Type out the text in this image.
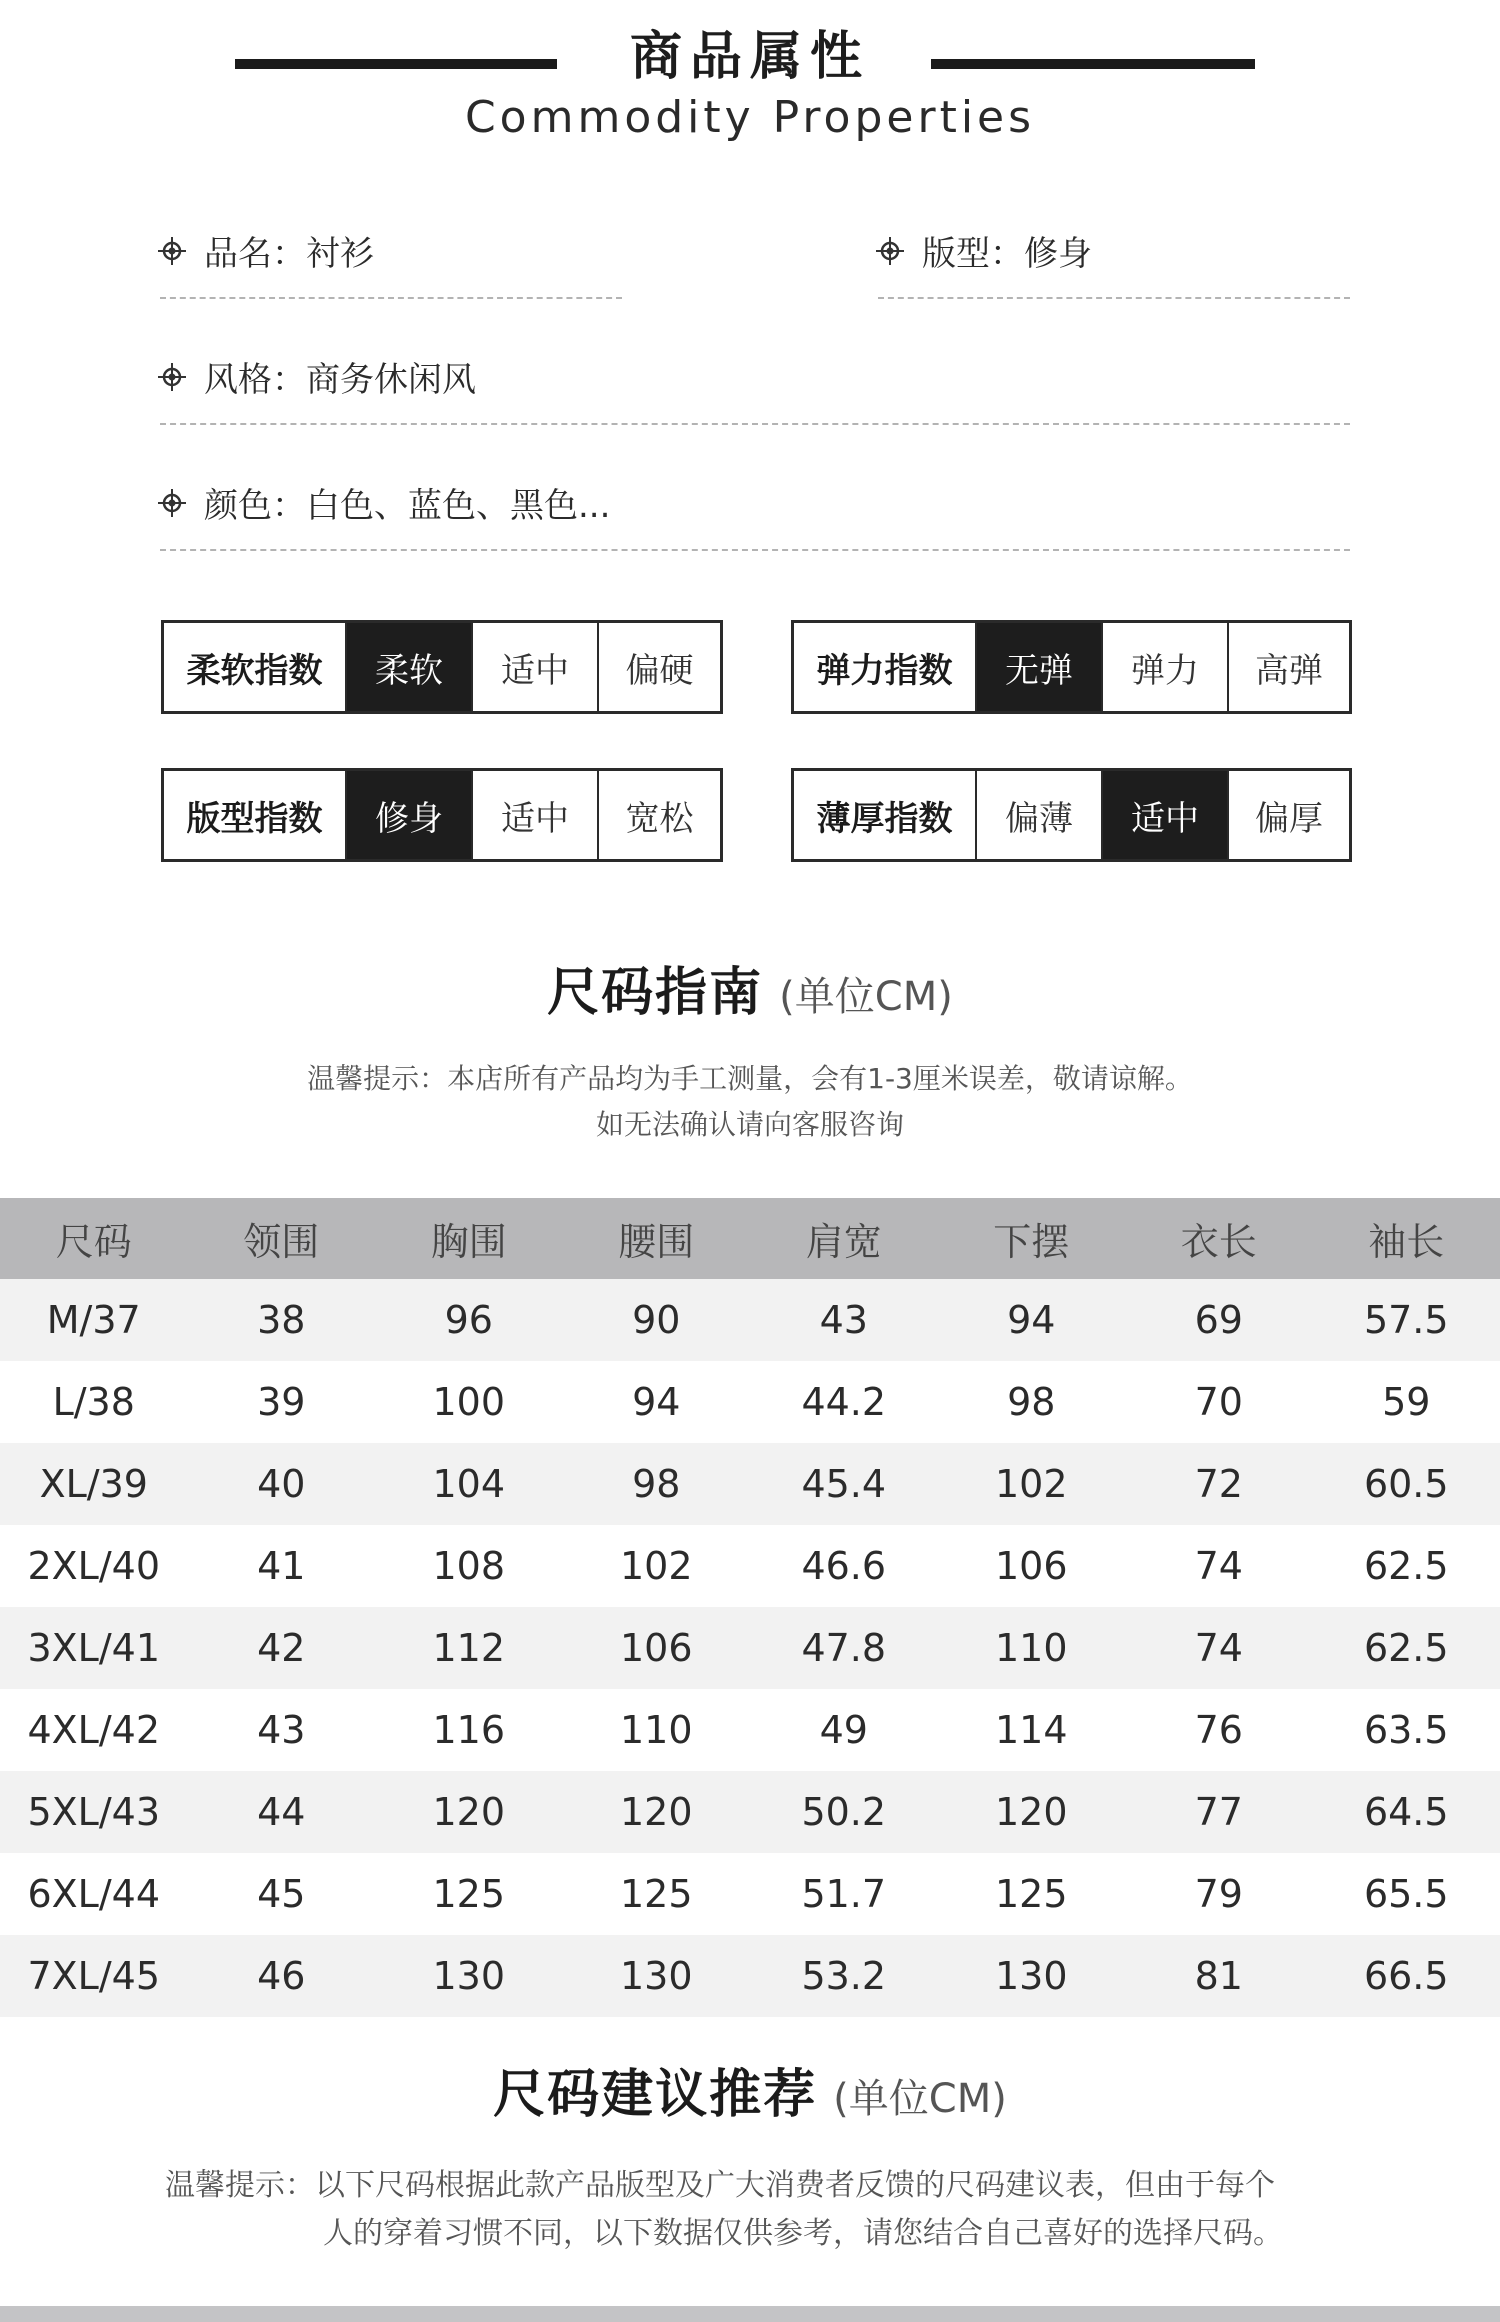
商品属性
Commodity Properties
品名：衬衫	版型：修身
风格：商务休闲风
颜色：白色、蓝色、黑色...
柔软指数	柔软	适中	偏硬	弹力指数	无弹	弹力	高弹
版型指数	修身	适中	宽松	薄厚指数	偏薄	适中	偏厚
尺码指南 (单位CM)
温馨提示：本店所有产品均为手工测量，会有1-3厘米误差，敬请谅解。
如无法确认请向客服咨询
尺码	领围	胸围	腰围	肩宽	下摆	衣长	袖长
M/37	38	96	90	43	94	69	57.5
L/38	39	100	94	44.2	98	70	59
XL/39	40	104	98	45.4	102	72	60.5
2XL/40	41	108	102	46.6	106	74	62.5
3XL/41	42	112	106	47.8	110	74	62.5
4XL/42	43	116	110	49	114	76	63.5
5XL/43	44	120	120	50.2	120	77	64.5
6XL/44	45	125	125	51.7	125	79	65.5
7XL/45	46	130	130	53.2	130	81	66.5
尺码建议推荐 (单位CM)
温馨提示：以下尺码根据此款产品版型及广大消费者反馈的尺码建议表，但由于每个
人的穿着习惯不同，以下数据仅供参考，请您结合自己喜好的选择尺码。
